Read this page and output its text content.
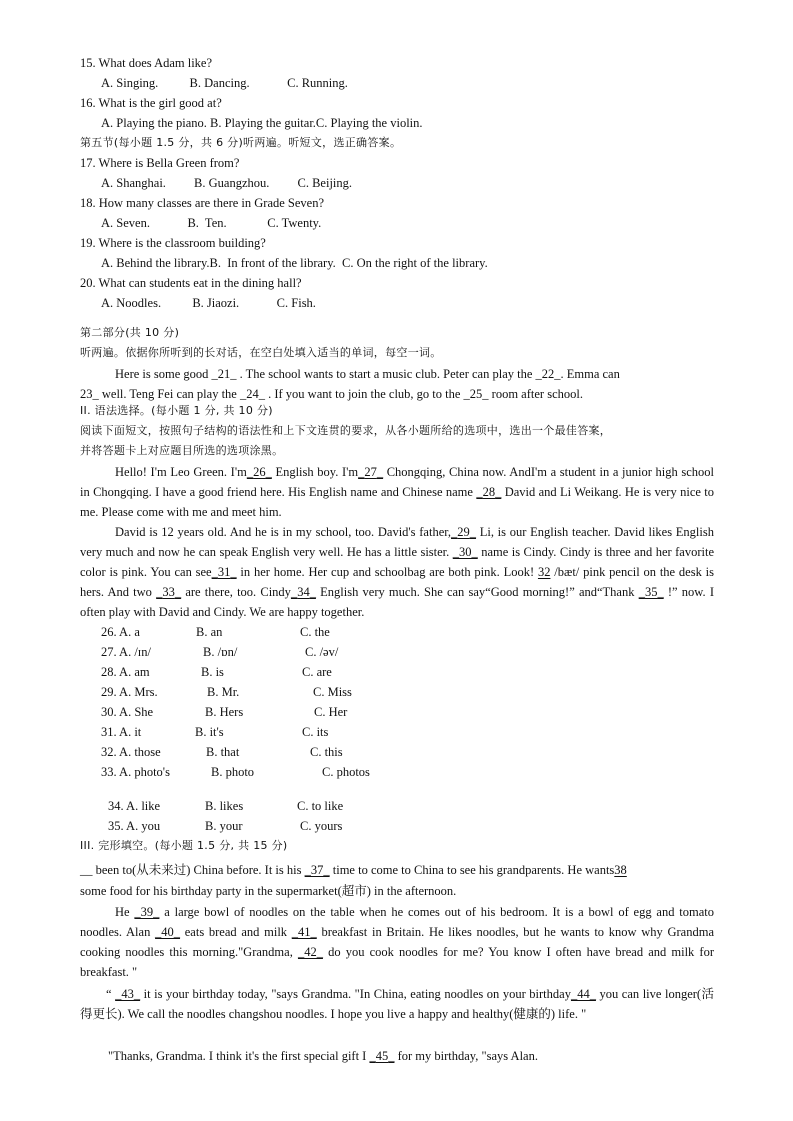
15. What does Adam like?
A. Singing.          B. Dancing.            C. Running.
16. What is the girl good at?
A. Playing the piano. B. Playing the guitar.C. Playing the violin.
第五节(每小题 1.5 分，共 6 分)听两遍。听短文，选正确答案。
17. Where is Bella Green from?
A. Shanghai.         B. Guangzhou.         C. Beijing.
18. How many classes are there in Grade Seven?
A. Seven.            B.  Ten.             C. Twenty.
19. Where is the classroom building?
A. Behind the library.B.  In front of the library.  C. On the right of the library.
20. What can students eat in the dining hall?
A. Noodles.          B. Jiaozi.            C. Fish.
第二部分(共 10 分)
听两遍。依据你所听到的长对话，在空白处填入适当的单词，每空一词。
Here is some good _21_ . The school wants to start a music club. Peter can play the _22_. Emma can
23_ well. Teng Fei can play the _24_ . If you want to join the club, go to the _25_ room after school.
II. 语法选择。(每小题 1 分, 共 10 分)
阅读下面短文，按照句子结构的语法性和上下文连贯的要求，从各小题所给的选项中，选出一个最佳答案，
并将答题卡上对应题目所选的选项涂黑。

Hello! I'm Leo Green. I'm_26_ English boy. I'm_27_ Chongqing, China now. AndI'm a student in a junior high school in Chongqing. I have a good friend here. His English name and Chinese name _28_ David and Li Weikang. He is very nice to me. Please come with me and meet him.

David is 12 years old. And he is in my school, too. David's father,_29_ Li, is our English teacher. David likes English very much and now he can speak English very well. He has a little sister. _30_ name is Cindy. Cindy is three and her favorite color is pink. You can see_31_ in her home. Her cup and schoolbag are both pink. Look! 32 /bæt/ pink pencil on the desk is hers. And two _33_ are there, too. Cindy_34_ English very much. She can say“Good morning!” and“Thank _35_ !” now. I often play with David and Cindy. We are happy together.

26. A. a	B. an	C. the
27. A. /ɪn/	B. /ɒn/	C. /əv/
28. A. am	B. is	C. are
29. A. Mrs.	B. Mr.	C. Miss
30. A. She	B. Hers	C. Her
31. A. it	B. it's	C. its
32. A. those	B. that	C. this
33. A. photo's	B. photo	C. photos
34. A. like	B. likes	C. to like
35. A. you	B. your	C. yours
III. 完形填空。(每小题 1.5 分, 共 15 分)
__ been to(从未来过) China before. It is his _37_ time to come to China to see his grandparents. He wants38
some food for his birthday party in the supermarket(超市) in the afternoon.

He _39_ a large bowl of noodles on the table when he comes out of his bedroom. It is a bowl of egg and tomato noodles. Alan _40_ eats bread and milk _41_ breakfast in Britain. He likes noodles, but he wants to know why Grandma cooking noodles this morning."Grandma, _42_ do you cook noodles for me? You know I often have bread and milk for breakfast. "

“ _43_ it is your birthday today, "says Grandma. "In China, eating noodles on your birthday_44_ you can live longer(活得更长). We call the noodles changshou noodles. I hope you live a happy and healthy(健康的) life. "

"Thanks, Grandma. I think it's the first special gift I _45_ for my birthday, "says Alan.
